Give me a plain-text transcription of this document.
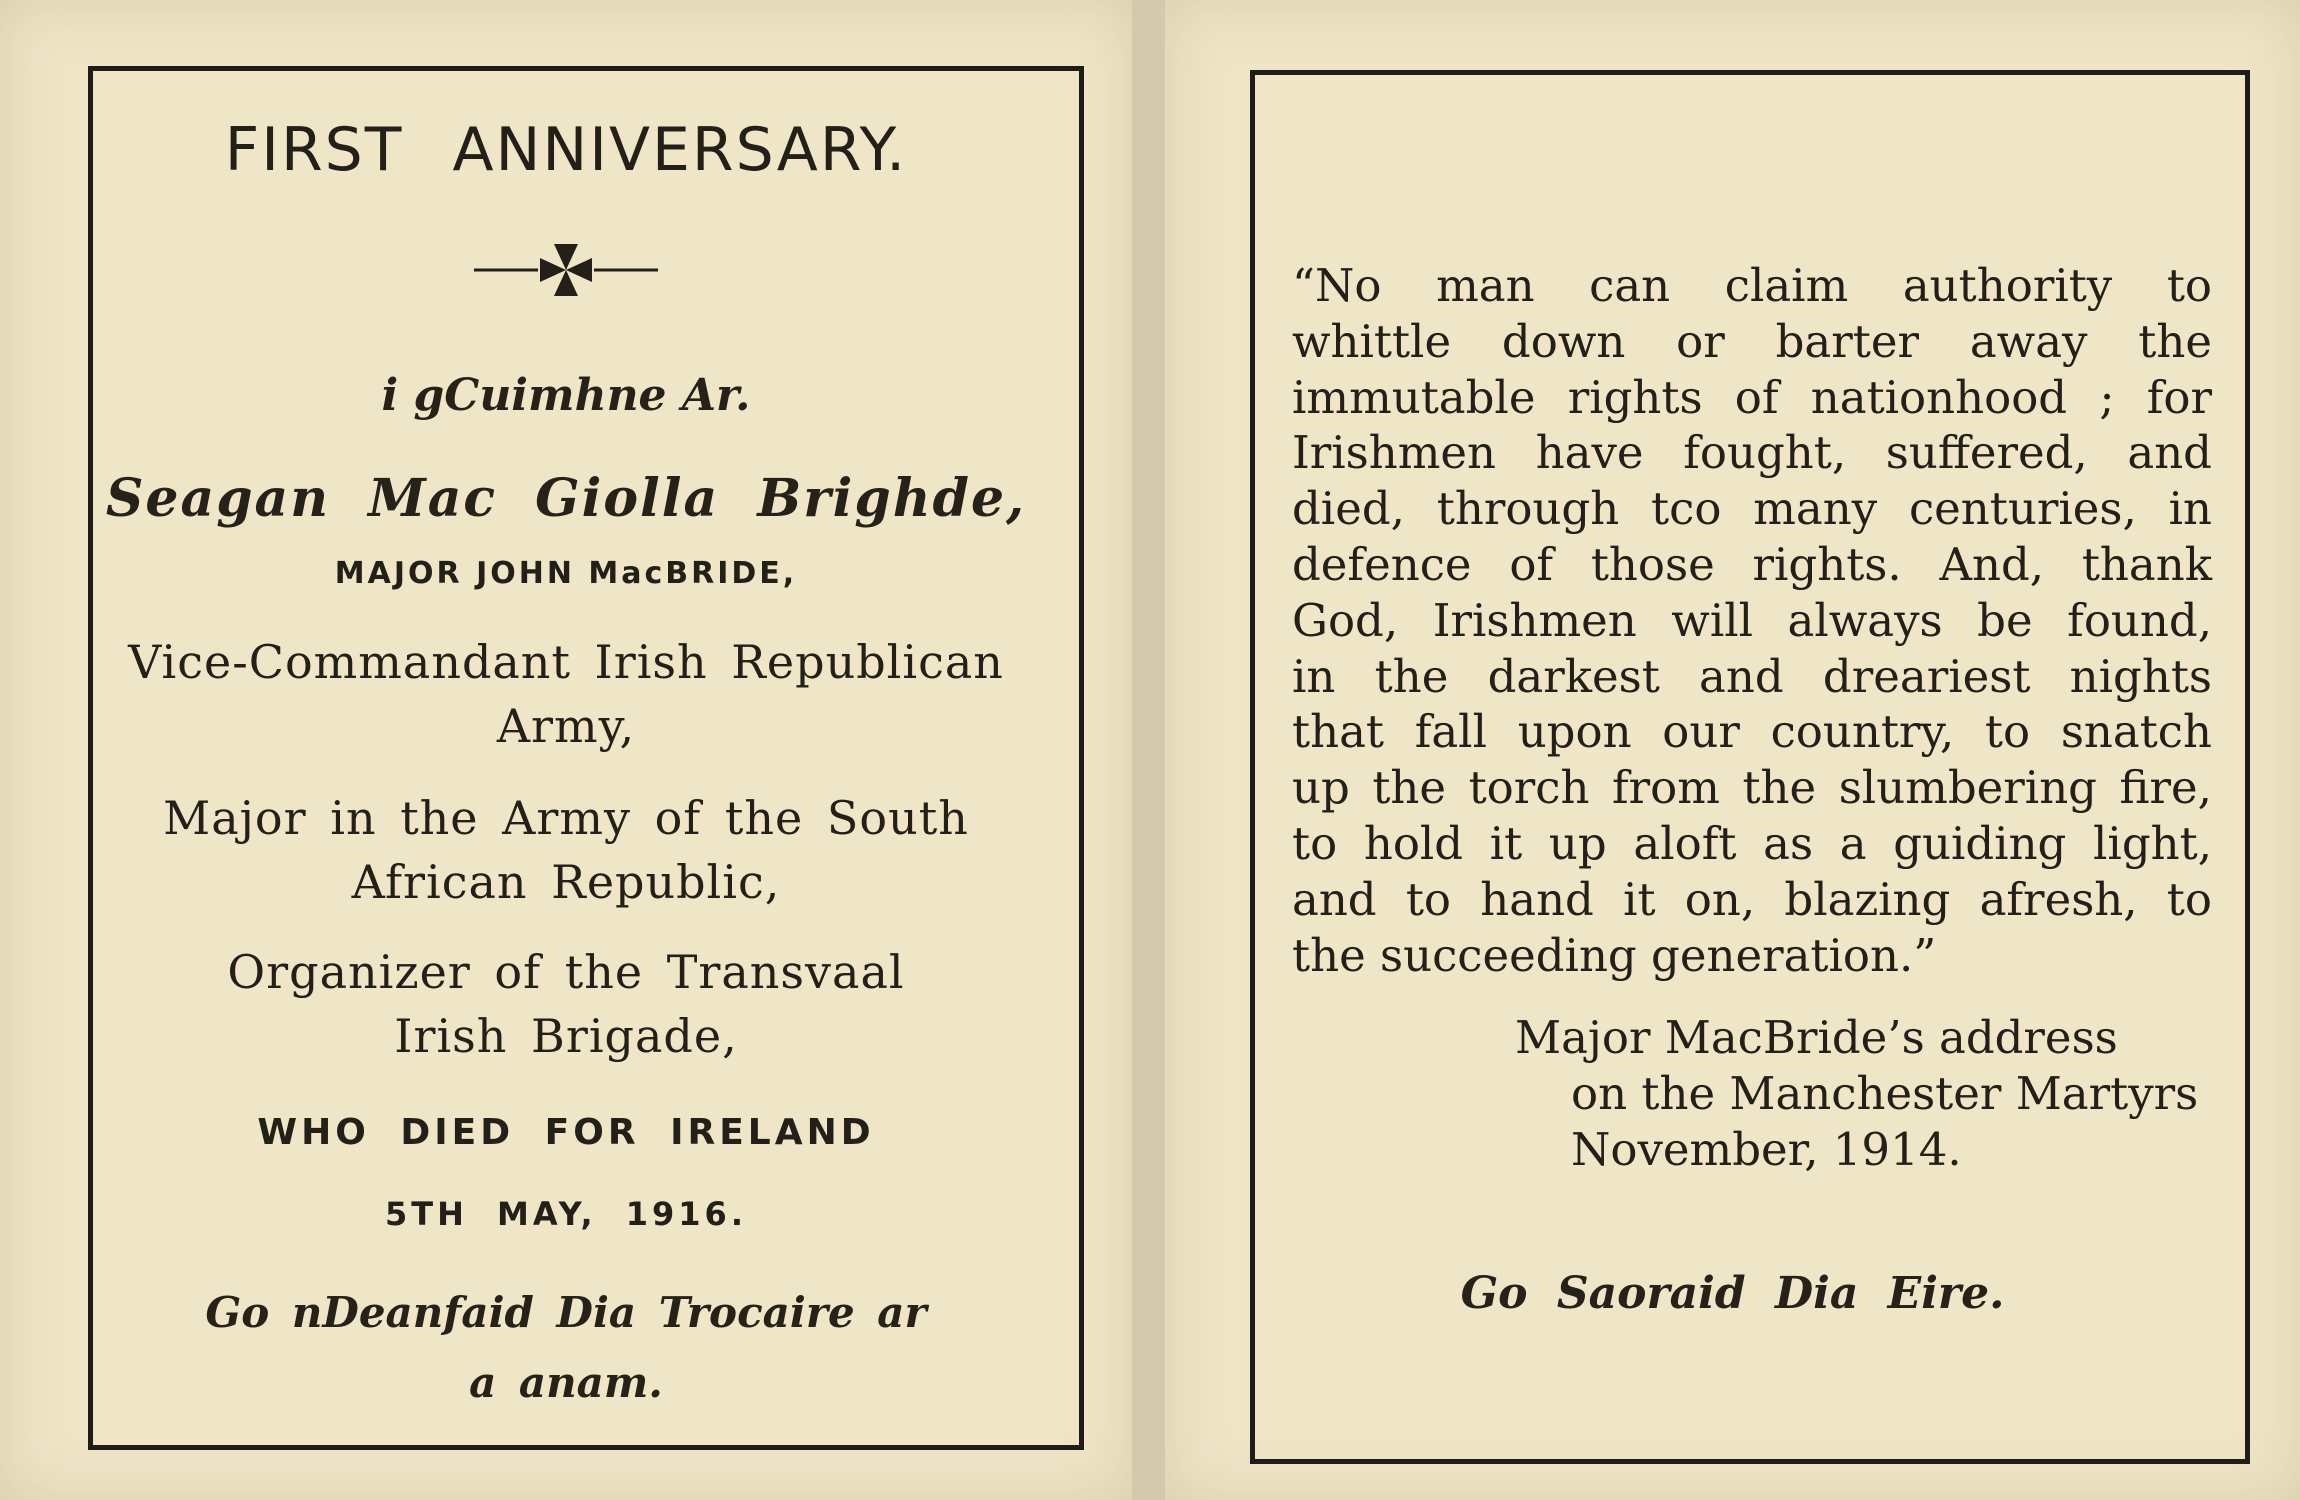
FIRST ANNIVERSARY.
i gCuimhne Ar.
Seagan Mac Giolla Brighde,
MAJOR JOHN MacBRIDE,
Vice-Commandant Irish Republican
Army,
Major in the Army of the South
African Republic,
Organizer of the Transvaal
Irish Brigade,
WHO DIED FOR IRELAND
5TH MAY, 1916.
Go nDeanfaid Dia Trocaire ar
a anam.
“No man can claim authority to
whittle down or barter away the
immutable rights of nationhood ; for
Irishmen have fought, suffered, and
died, through tco many centuries, in
defence of those rights. And, thank
God, Irishmen will always be found,
in the darkest and dreariest nights
that fall upon our country, to snatch
up the torch from the slumbering fire,
to hold it up aloft as a guiding light,
and to hand it on, blazing afresh, to
the succeeding generation.”
Major MacBride’s address
on the Manchester Martyrs
November, 1914.
Go Saoraid Dia Eire.
